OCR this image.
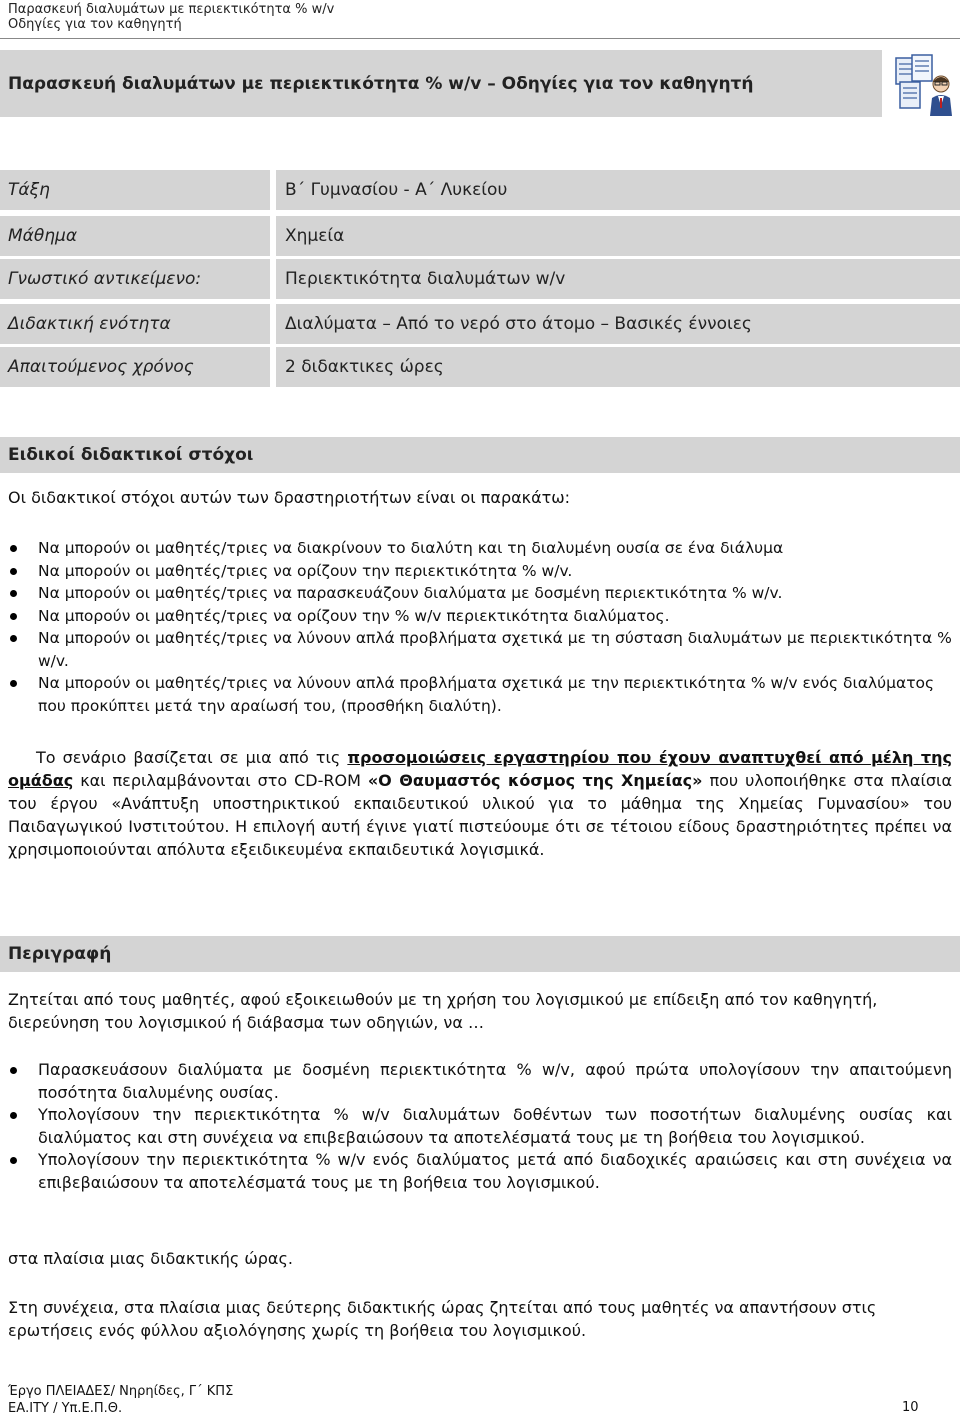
Παρασκευή διαλυμάτων με περιεκτικότητα % w/v
Οδηγίες για τον καθηγητή
Παρασκευή διαλυμάτων με περιεκτικότητα % w/v – Οδηγίες για τον καθηγητή
Τάξη	Β΄ Γυμνασίου - Α΄ Λυκείου
Μάθημα	Χημεία
Γνωστικό αντικείμενο:	Περιεκτικότητα διαλυμάτων w/v
Διδακτική ενότητα	Διαλύματα – Από το νερό στο άτομο – Βασικές έννοιες
Απαιτούμενος χρόνος	2 διδακτικες ώρες
Ειδικοί διδακτικοί στόχοι
Οι διδακτικοί στόχοι αυτών των δραστηριοτήτων είναι οι παρακάτω:
Να μπορούν οι μαθητές/τριες να διακρίνουν το διαλύτη και τη διαλυμένη ουσία σε ένα διάλυμα
Να μπορούν οι μαθητές/τριες να ορίζουν την περιεκτικότητα % w/v.
Να μπορούν οι μαθητές/τριες να παρασκευάζουν διαλύματα με δοσμένη περιεκτικότητα % w/v.
Να μπορούν οι μαθητές/τριες να ορίζουν την % w/v περιεκτικότητα διαλύματος.
Να μπορούν οι μαθητές/τριες να λύνουν απλά προβλήματα σχετικά με τη σύσταση διαλυμάτων με περιεκτικότητα % w/v.
Να μπορούν οι μαθητές/τριες να λύνουν απλά προβλήματα σχετικά με την περιεκτικότητα % w/v ενός διαλύματος που προκύπτει μετά την αραίωσή του, (προσθήκη διαλύτη).
Το σενάριο βασίζεται σε μια από τις προσομοιώσεις εργαστηρίου που έχουν αναπτυχθεί από μέλη της ομάδας και περιλαμβάνονται στο CD-ROM «Ο Θαυμαστός κόσμος της Χημείας» που υλοποιήθηκε στα πλαίσια του έργου «Ανάπτυξη υποστηρικτικού εκπαιδευτικού υλικού για το μάθημα της Χημείας Γυμνασίου» του Παιδαγωγικού Ινστιτούτου. Η επιλογή αυτή έγινε γιατί πιστεύουμε ότι σε τέτοιου είδους δραστηριότητες πρέπει να χρησιμοποιούνται απόλυτα εξειδικευμένα εκπαιδευτικά λογισμικά.
Περιγραφή
Ζητείται από τους μαθητές, αφού εξοικειωθούν με τη χρήση του λογισμικού με επίδειξη από τον καθηγητή, διερεύνηση του λογισμικού ή διάβασμα των οδηγιών, να …
Παρασκευάσουν διαλύματα με δοσμένη περιεκτικότητα % w/v, αφού πρώτα υπολογίσουν την απαιτούμενη ποσότητα διαλυμένης ουσίας.
Υπολογίσουν την περιεκτικότητα % w/v διαλυμάτων δοθέντων των ποσοτήτων διαλυμένης ουσίας και διαλύματος και στη συνέχεια να επιβεβαιώσουν τα αποτελέσματά τους με τη βοήθεια του λογισμικού.
Υπολογίσουν την περιεκτικότητα % w/v ενός διαλύματος μετά από διαδοχικές αραιώσεις και στη συνέχεια να επιβεβαιώσουν τα αποτελέσματά τους με τη βοήθεια του λογισμικού.
στα πλαίσια μιας διδακτικής ώρας.
Στη συνέχεια, στα πλαίσια μιας δεύτερης διδακτικής ώρας ζητείται από τους μαθητές να απαντήσουν στις ερωτήσεις ενός φύλλου αξιολόγησης χωρίς τη βοήθεια του λογισμικού.
Έργο ΠΛΕΙΑΔΕΣ/ Νηρηίδες, Γ΄ ΚΠΣ
ΕΑ.ΙΤΥ / Υπ.Ε.Π.Θ.	10
